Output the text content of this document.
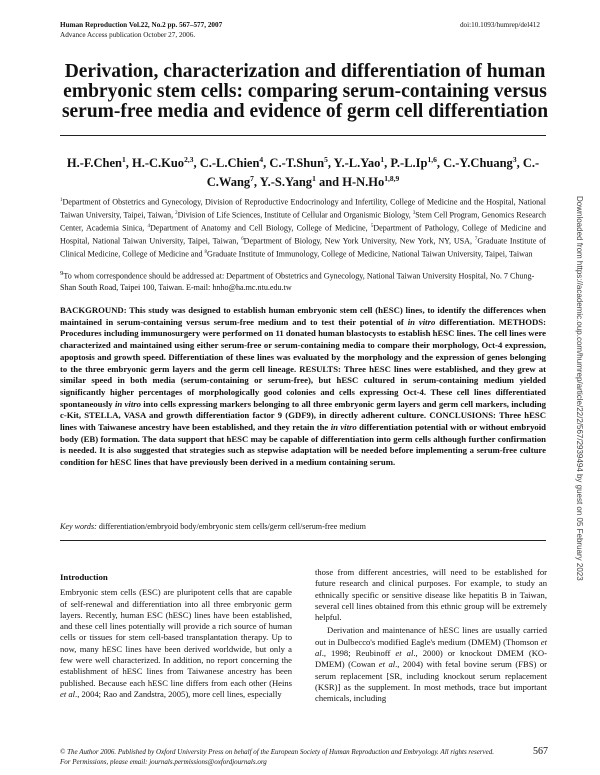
Human Reproduction Vol.22, No.2 pp. 567–577, 2007
Advance Access publication October 27, 2006.
doi:10.1093/humrep/del412
Derivation, characterization and differentiation of human embryonic stem cells: comparing serum-containing versus serum-free media and evidence of germ cell differentiation
H.-F.Chen$^1$, H.-C.Kuo$^{2,3}$, C.-L.Chien$^4$, C.-T.Shun$^5$, Y.-L.Yao$^1$, P.-L.Ip$^{1,6}$, C.-Y.Chuang$^3$, C.-C.Wang$^7$, Y.-S.Yang$^1$ and H-N.Ho$^{1,8,9}$
$^1$Department of Obstetrics and Gynecology, Division of Reproductive Endocrinology and Infertility, College of Medicine and the Hospital, National Taiwan University, Taipei, Taiwan, $^2$Division of Life Sciences, Institute of Cellular and Organismic Biology, $^3$Stem Cell Program, Genomics Research Center, Academia Sinica, $^4$Department of Anatomy and Cell Biology, College of Medicine, $^5$Department of Pathology, College of Medicine and Hospital, National Taiwan University, Taipei, Taiwan, $^6$Department of Biology, New York University, New York, NY, USA, $^7$Graduate Institute of Clinical Medicine, College of Medicine and $^8$Graduate Institute of Immunology, College of Medicine, National Taiwan University, Taipei, Taiwan
$^9$To whom correspondence should be addressed at: Department of Obstetrics and Gynecology, National Taiwan University Hospital, No. 7 Chung-Shan South Road, Taipei 100, Taiwan. E-mail: hnho@ha.mc.ntu.edu.tw
BACKGROUND: This study was designed to establish human embryonic stem cell (hESC) lines, to identify the differences when maintained in serum-containing versus serum-free medium and to test their potential of in vitro differentiation. METHODS: Procedures including immunosurgery were performed on 11 donated human blastocysts to establish hESC lines. The cell lines were characterized and maintained using either serum-free or serum-containing media to compare their morphology, Oct-4 expression, apoptosis and growth speed. Differentiation of these lines was evaluated by the morphology and the expression of genes belonging to the three embryonic germ layers and the germ cell lineage. RESULTS: Three hESC lines were established, and they grew at similar speed in both media (serum-containing or serum-free), but hESC cultured in serum-containing medium yielded significantly higher percentages of morphologically good colonies and cells expressing Oct-4. These cell lines differentiated spontaneously in vitro into cells expressing markers belonging to all three embryonic germ layers and germ cell markers, including c-Kit, STELLA, VASA and growth differentiation factor 9 (GDF9), in directly adherent culture. CONCLUSIONS: Three hESC lines with Taiwanese ancestry have been established, and they retain the in vitro differentiation potential with or without embryoid body (EB) formation. The data support that hESC may be capable of differentiation into germ cells although further confirmation is needed. It is also suggested that strategies such as stepwise adaptation will be needed before implementing a serum-free culture condition for hESC lines that have previously been derived in a medium containing serum.
Key words: differentiation/embryoid body/embryonic stem cells/germ cell/serum-free medium

Introduction

Embryonic stem cells (ESC) are pluripotent cells that are capable of self-renewal and differentiation into all three embryonic germ layers. Recently, human ESC (hESC) lines have been established, and these cell lines potentially will provide a rich source of human cells or tissues for stem cell-based transplantation therapy. Up to now, many hESC lines have been derived worldwide, but only a few were well characterized. In addition, no report concerning the establishment of hESC lines from Taiwanese ancestry has been published. Because each hESC line differs from each other (Heins et al., 2004; Rao and Zandstra, 2005), more cell lines, especially

those from different ancestries, will need to be established for future research and clinical purposes. For example, to study an ethnically specific or sensitive disease like hepatitis B in Taiwan, several cell lines obtained from this ethnic group will be extremely helpful.

Derivation and maintenance of hESC lines are usually carried out in Dulbecco's modified Eagle's medium (DMEM) (Thomson et al., 1998; Reubinoff et al., 2000) or knockout DMEM (KO-DMEM) (Cowan et al., 2004) with fetal bovine serum (FBS) or serum replacement [SR, including knockout serum replacement (KSR)] as the supplement. In most methods, trace but important chemicals, including

© The Author 2006. Published by Oxford University Press on behalf of the European Society of Human Reproduction and Embryology. All rights reserved.
For Permissions, please email: journals.permissions@oxfordjournals.org
567
Downloaded from https://academic.oup.com/humrep/article/22/2/567/2939494 by guest on 05 February 2023
